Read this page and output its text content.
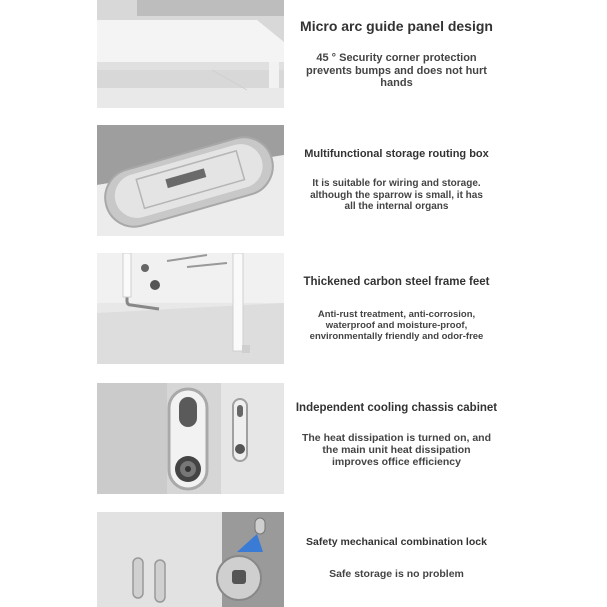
Micro arc guide panel design
45 ° Security corner protection
prevents bumps and does not hurt
hands
Multifunctional storage routing box
It is suitable for wiring and storage.
although the sparrow is small, it has
all the internal organs
Thickened carbon steel frame feet
Anti-rust treatment, anti-corrosion,
waterproof and moisture-proof,
environmentally friendly and odor-free
Independent cooling chassis cabinet
The heat dissipation is turned on, and
the main unit heat dissipation
improves office efficiency
Safety mechanical combination lock
Safe storage is no problem
